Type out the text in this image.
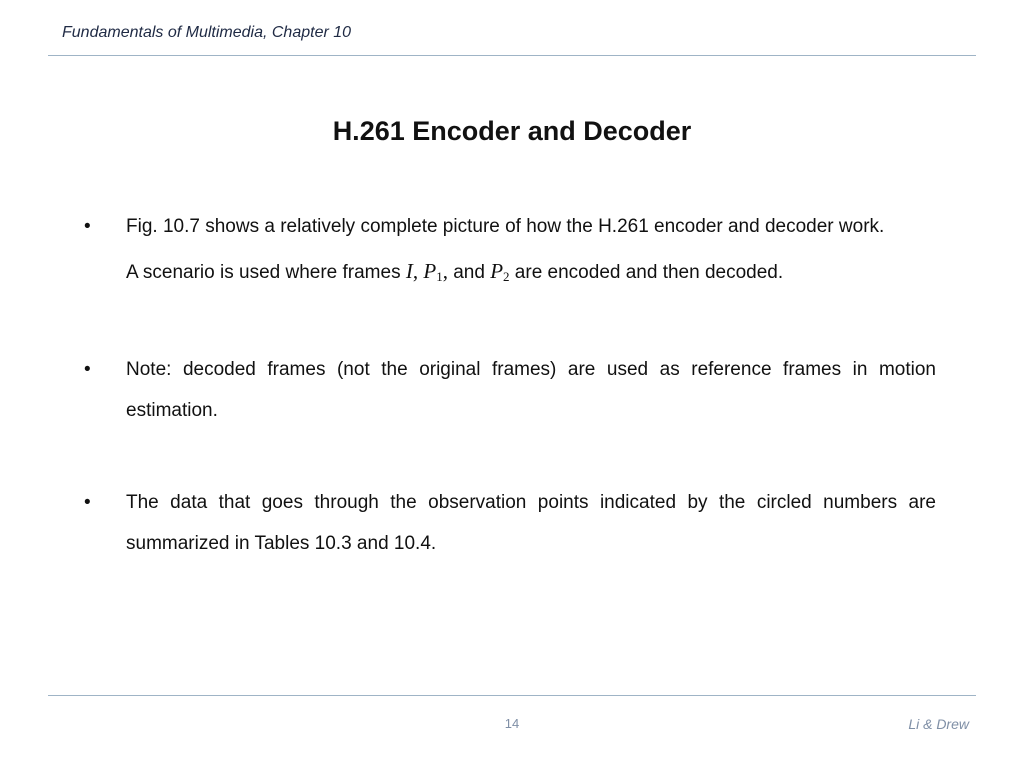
Fundamentals of Multimedia, Chapter 10
H.261 Encoder and Decoder
•	Fig. 10.7 shows a relatively complete picture of how the H.261 encoder and decoder work.
A scenario is used where frames I, $P_1$, and $P_2$ are encoded and then decoded.
•	Note: decoded frames (not the original frames) are used as reference frames in motion estimation.
•	The data that goes through the observation points indicated by the circled numbers are summarized in Tables 10.3 and 10.4.
14	Li & Drew
